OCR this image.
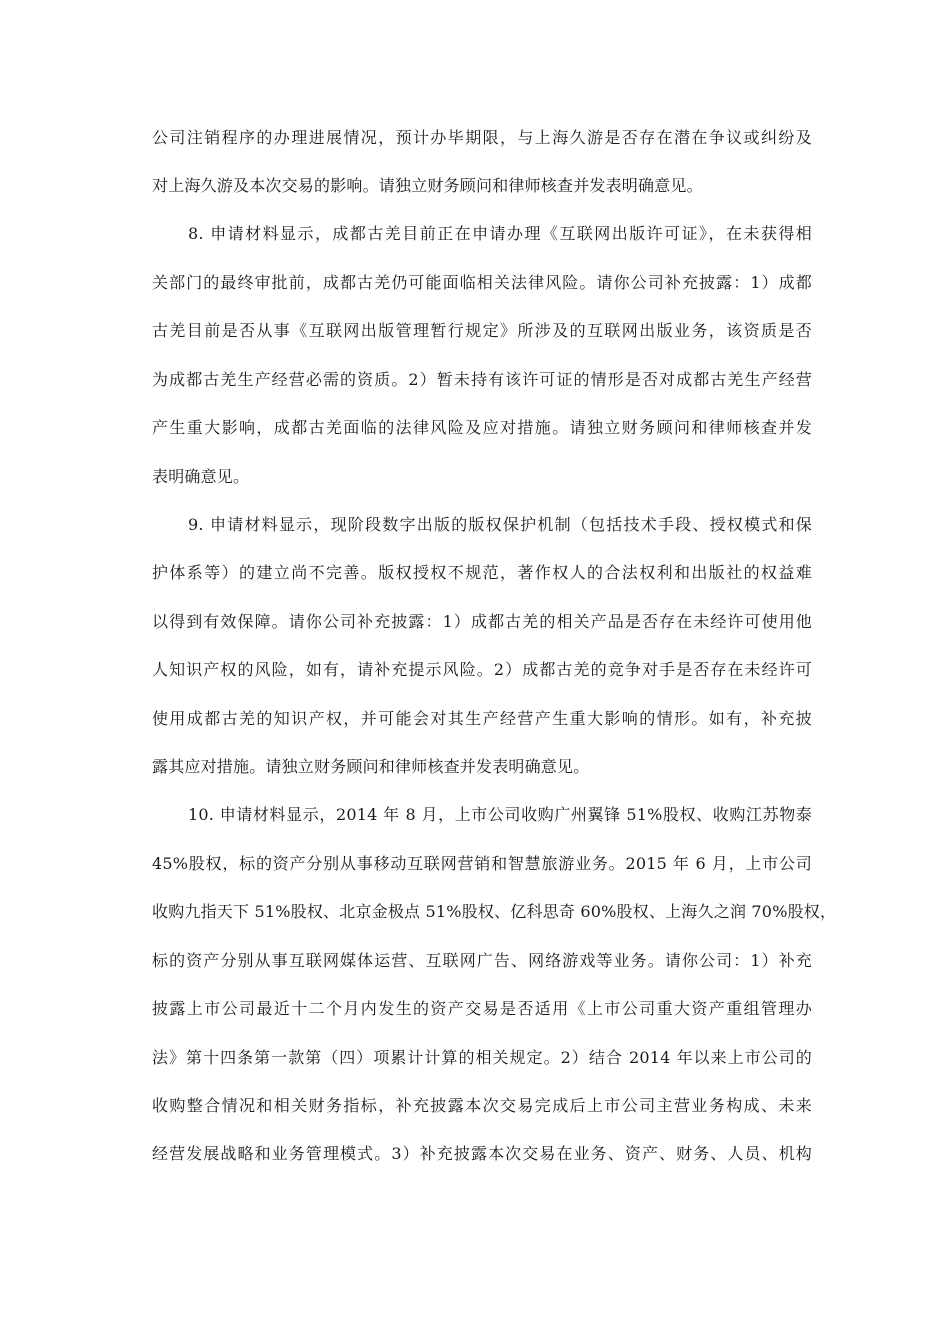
公司注销程序的办理进展情况，预计办毕期限，与上海久游是否存在潜在争议或纠纷及
对上海久游及本次交易的影响。请独立财务顾问和律师核查并发表明确意见。
8. 申请材料显示，成都古羌目前正在申请办理《互联网出版许可证》，在未获得相
关部门的最终审批前，成都古羌仍可能面临相关法律风险。请你公司补充披露：1）成都
古羌目前是否从事《互联网出版管理暂行规定》所涉及的互联网出版业务，该资质是否
为成都古羌生产经营必需的资质。2）暂未持有该许可证的情形是否对成都古羌生产经营
产生重大影响，成都古羌面临的法律风险及应对措施。请独立财务顾问和律师核查并发
表明确意见。
9. 申请材料显示，现阶段数字出版的版权保护机制（包括技术手段、授权模式和保
护体系等）的建立尚不完善。版权授权不规范，著作权人的合法权利和出版社的权益难
以得到有效保障。请你公司补充披露：1）成都古羌的相关产品是否存在未经许可使用他
人知识产权的风险，如有，请补充提示风险。2）成都古羌的竞争对手是否存在未经许可
使用成都古羌的知识产权，并可能会对其生产经营产生重大影响的情形。如有，补充披
露其应对措施。请独立财务顾问和律师核查并发表明确意见。
10. 申请材料显示，2014 年 8 月，上市公司收购广州翼锋 51%股权、收购江苏物泰
45%股权，标的资产分别从事移动互联网营销和智慧旅游业务。2015 年 6 月，上市公司
收购九指天下 51%股权、北京金极点 51%股权、亿科思奇 60%股权、上海久之润 70%股权，
标的资产分别从事互联网媒体运营、互联网广告、网络游戏等业务。请你公司：1）补充
披露上市公司最近十二个月内发生的资产交易是否适用《上市公司重大资产重组管理办
法》第十四条第一款第（四）项累计计算的相关规定。2）结合 2014 年以来上市公司的
收购整合情况和相关财务指标，补充披露本次交易完成后上市公司主营业务构成、未来
经营发展战略和业务管理模式。3）补充披露本次交易在业务、资产、财务、人员、机构
